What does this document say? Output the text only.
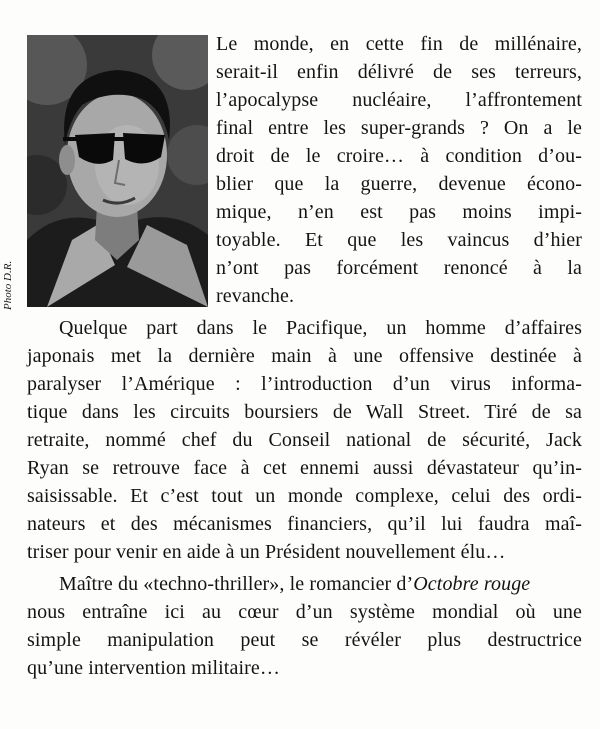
Photo D.R.
Le monde, en cette fin de millénaire,
serait-il enfin délivré de ses terreurs,
l’apocalypse nucléaire, l’affrontement
final entre les super-grands ? On a le
droit de le croire… à condition d’ou-
blier que la guerre, devenue écono-
mique, n’en est pas moins impi-
toyable. Et que les vaincus d’hier
n’ont pas forcément renoncé à la
revanche.
Quelque part dans le Pacifique, un homme d’affaires
japonais met la dernière main à une offensive destinée à
paralyser l’Amérique : l’introduction d’un virus informa-
tique dans les circuits boursiers de Wall Street. Tiré de sa
retraite, nommé chef du Conseil national de sécurité, Jack
Ryan se retrouve face à cet ennemi aussi dévastateur qu’in-
saisissable. Et c’est tout un monde complexe, celui des ordi-
nateurs et des mécanismes financiers, qu’il lui faudra maî-
triser pour venir en aide à un Président nouvellement élu…
Maître du «techno-thriller», le romancier d’Octobre rouge
nous entraîne ici au cœur d’un système mondial où une
simple manipulation peut se révéler plus destructrice
qu’une intervention militaire…
